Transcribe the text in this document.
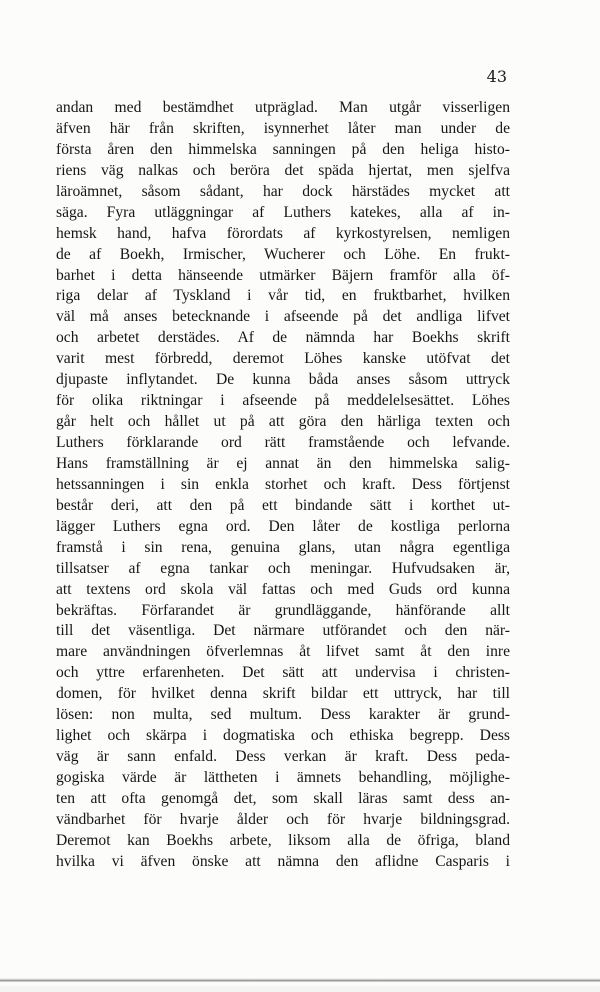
43
andan med bestämdhet utpräglad. Man utgår visserligen
äfven här från skriften, isynnerhet låter man under de
första åren den himmelska sanningen på den heliga histo-
riens väg nalkas och beröra det späda hjertat, men sjelfva
läroämnet, såsom sådant, har dock härstädes mycket att
säga. Fyra utläggningar af Luthers katekes, alla af in-
hemsk hand, hafva förordats af kyrkostyrelsen, nemligen
de af Boekh, Irmischer, Wucherer och Löhe. En frukt-
barhet i detta hänseende utmärker Bäjern framför alla öf-
riga delar af Tyskland i vår tid, en fruktbarhet, hvilken
väl må anses betecknande i afseende på det andliga lifvet
och arbetet derstädes. Af de nämnda har Boekhs skrift
varit mest förbredd, deremot Löhes kanske utöfvat det
djupaste inflytandet. De kunna båda anses såsom uttryck
för olika riktningar i afseende på meddelelsesättet. Löhes
går helt och hållet ut på att göra den härliga texten och
Luthers förklarande ord rätt framstående och lefvande.
Hans framställning är ej annat än den himmelska salig-
hetssanningen i sin enkla storhet och kraft. Dess förtjenst
består deri, att den på ett bindande sätt i korthet ut-
lägger Luthers egna ord. Den låter de kostliga perlorna
framstå i sin rena, genuina glans, utan några egentliga
tillsatser af egna tankar och meningar. Hufvudsaken är,
att textens ord skola väl fattas och med Guds ord kunna
bekräftas. Förfarandet är grundläggande, hänförande allt
till det väsentliga. Det närmare utförandet och den när-
mare användningen öfverlemnas åt lifvet samt åt den inre
och yttre erfarenheten. Det sätt att undervisa i christen-
domen, för hvilket denna skrift bildar ett uttryck, har till
lösen: non multa, sed multum. Dess karakter är grund-
lighet och skärpa i dogmatiska och ethiska begrepp. Dess
väg är sann enfald. Dess verkan är kraft. Dess peda-
gogiska värde är lättheten i ämnets behandling, möjlighe-
ten att ofta genomgå det, som skall läras samt dess an-
vändbarhet för hvarje ålder och för hvarje bildningsgrad.
Deremot kan Boekhs arbete, liksom alla de öfriga, bland
hvilka vi äfven önske att nämna den aflidne Casparis i
